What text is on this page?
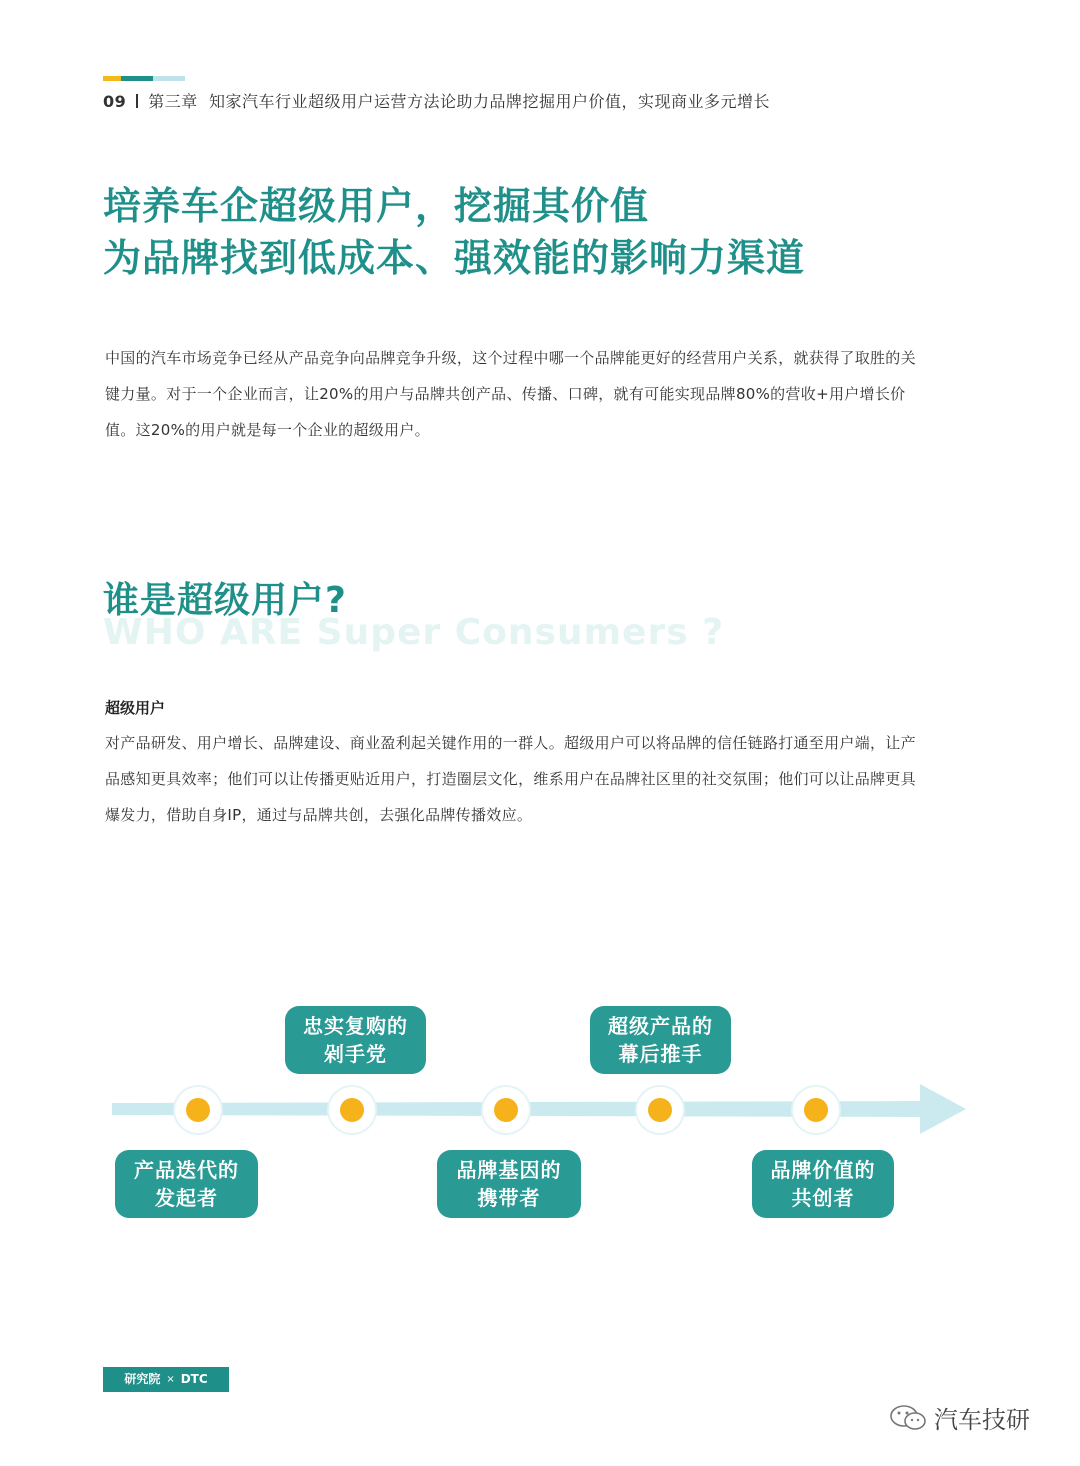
09 第三章 知家汽车行业超级用户运营方法论助力品牌挖掘用户价值，实现商业多元增长
培养车企超级用户，挖掘其价值
为品牌找到低成本、强效能的影响力渠道
中国的汽车市场竞争已经从产品竞争向品牌竞争升级，这个过程中哪一个品牌能更好的经营用户关系，就获得了取胜的关
键力量。对于一个企业而言，让20%的用户与品牌共创产品、传播、口碑，就有可能实现品牌80%的营收+用户增长价
值。这20%的用户就是每一个企业的超级用户。
WHO ARE Super Consumers ?
谁是超级用户?
超级用户
对产品研发、用户增长、品牌建设、商业盈利起关键作用的一群人。超级用户可以将品牌的信任链路打通至用户端，让产
品感知更具效率；他们可以让传播更贴近用户，打造圈层文化，维系用户在品牌社区里的社交氛围；他们可以让品牌更具
爆发力，借助自身IP，通过与品牌共创，去强化品牌传播效应。
产品迭代的
发起者
忠实复购的
剁手党
品牌基因的
携带者
超级产品的
幕后推手
品牌价值的
共创者
研究院 × DTC
汽车技研
